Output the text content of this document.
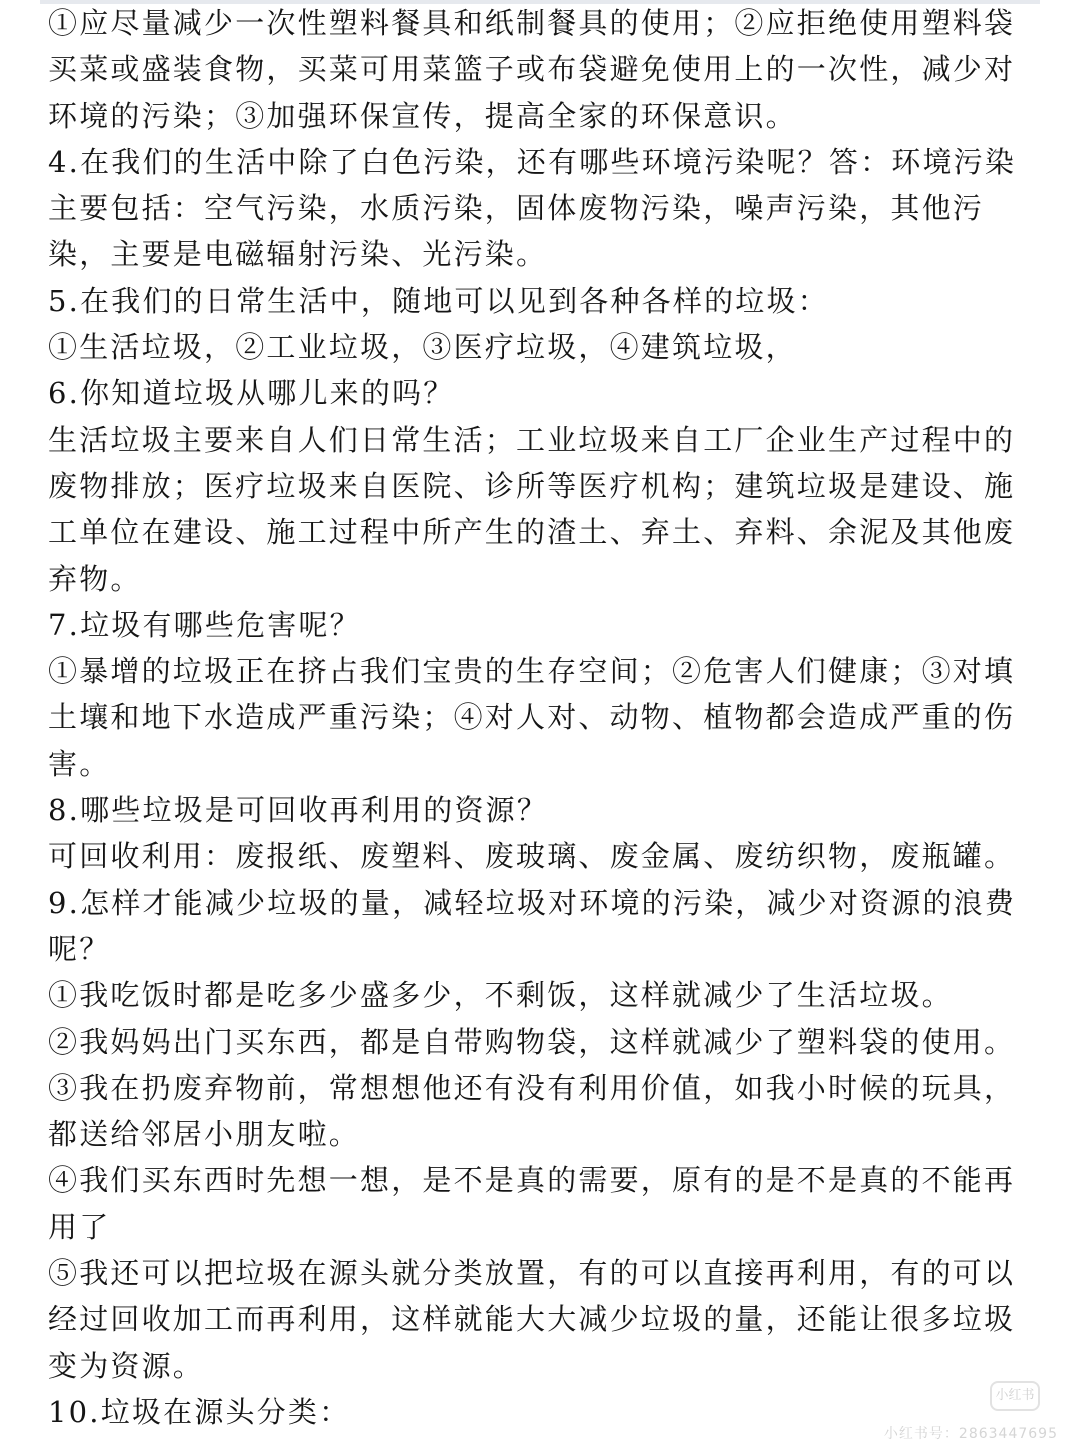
①应尽量减少一次性塑料餐具和纸制餐具的使用；②应拒绝使用塑料袋买菜或盛装食物，买菜可用菜篮子或布袋避免使用上的一次性，减少对环境的污染；③加强环保宣传，提高全家的环保意识。

4.在我们的生活中除了白色污染，还有哪些环境污染呢？答：环境污染主要包括：空气污染，水质污染，固体废物污染，噪声污染，其他污染，主要是电磁辐射污染、光污染。

5.在我们的日常生活中，随地可以见到各种各样的垃圾：

①生活垃圾，②工业垃圾，③医疗垃圾，④建筑垃圾，

6.你知道垃圾从哪儿来的吗？

生活垃圾主要来自人们日常生活；工业垃圾来自工厂企业生产过程中的废物排放；医疗垃圾来自医院、诊所等医疗机构；建筑垃圾是建设、施工单位在建设、施工过程中所产生的渣土、弃土、弃料、余泥及其他废弃物。

7.垃圾有哪些危害呢？

①暴增的垃圾正在挤占我们宝贵的生存空间；②危害人们健康；③对填土壤和地下水造成严重污染；④对人对、动物、植物都会造成严重的伤害。

8.哪些垃圾是可回收再利用的资源？

可回收利用：废报纸、废塑料、废玻璃、废金属、废纺织物，废瓶罐。

9.怎样才能减少垃圾的量，减轻垃圾对环境的污染，减少对资源的浪费呢？

①我吃饭时都是吃多少盛多少，不剩饭，这样就减少了生活垃圾。

②我妈妈出门买东西，都是自带购物袋，这样就减少了塑料袋的使用。

③我在扔废弃物前，常想想他还有没有利用价值，如我小时候的玩具，都送给邻居小朋友啦。

④我们买东西时先想一想，是不是真的需要，原有的是不是真的不能再用了

⑤我还可以把垃圾在源头就分类放置，有的可以直接再利用，有的可以经过回收加工而再利用，这样就能大大减少垃圾的量，还能让很多垃圾变为资源。

10.垃圾在源头分类：	小红书
小红书号：2863447695
